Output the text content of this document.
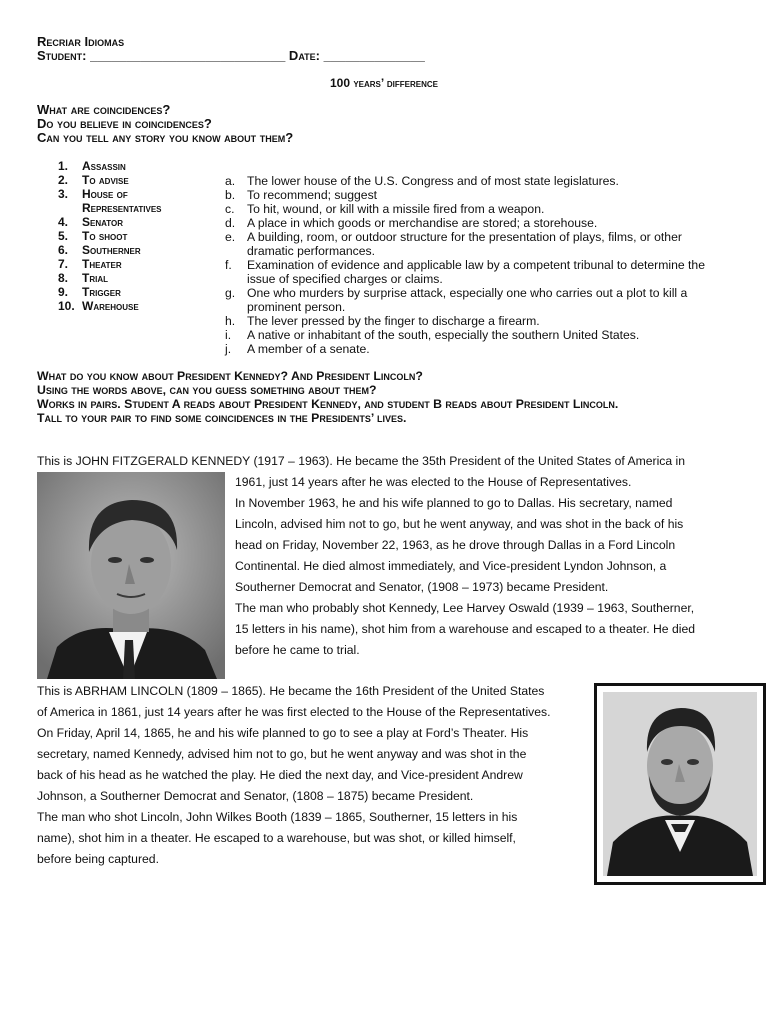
Recriar Idiomas
Student: ___________________________ Date: ______________
100 years’ difference
What are coincidences?
Do you believe in coincidences?
Can you tell any story you know about them?
1.	Assassin
2.	To advise
3.	House of
Representatives
4.	Senator
5.	To shoot
6.	Southerner
7.	Theater
8.	Trial
9.	Trigger
10. Warehouse
a. The lower house of the U.S. Congress and of most state legislatures.
b. To recommend; suggest
c.	To hit, wound, or kill with a missile fired from a weapon.
d. A place in which goods or merchandise are stored; a storehouse.
e. A building, room, or outdoor structure for the presentation of plays, films, or other dramatic performances.
f.	Examination of evidence and applicable law by a competent tribunal to determine the issue of specified charges or claims.
g. One who murders by surprise attack, especially one who carries out a plot to kill a prominent person.
h. The lever pressed by the finger to discharge a firearm.
i.	A native or inhabitant of the south, especially the southern United States.
j.	A member of a senate.
What do you know about President Kennedy? And President Lincoln?
Using the words above, can you guess something about them?
Works in pairs. Student A reads about President Kennedy, and student B reads about President Lincoln.
Tall to your pair to find some coincidences in the Presidents’ lives.
This is JOHN FITZGERALD KENNEDY (1917 – 1963). He became the 35th President of the United States of America in
1961, just 14 years after he was elected to the House of Representatives.
In November 1963, he and his wife planned to go to Dallas. His secretary, named
Lincoln, advised him not to go, but he went anyway, and was shot in the back of his
head on Friday, November 22, 1963, as he drove through Dallas in a Ford Lincoln
Continental. He died almost immediately, and Vice-president Lyndon Johnson, a
Southerner Democrat and Senator, (1908 – 1973) became President.
The man who probably shot Kennedy, Lee Harvey Oswald (1939 – 1963, Southerner,
15 letters in his name), shot him from a warehouse and escaped to a theater. He died
before he came to trial.
This is ABRHAM LINCOLN (1809 – 1865). He became the 16th President of the United States
of America in 1861, just 14 years after he was first elected to the House of the Representatives.
On Friday, April 14, 1865, he and his wife planned to go to see a play at Ford’s Theater. His
secretary, named Kennedy, advised him not to go, but he went anyway and was shot in the
back of his head as he watched the play. He died the next day, and Vice-president Andrew
Johnson, a Southerner Democrat and Senator, (1808 – 1875) became President.
The man who shot Lincoln, John Wilkes Booth (1839 – 1865, Southerner, 15 letters in his
name), shot him in a theater. He escaped to a warehouse, but was shot, or killed himself,
before being captured.
